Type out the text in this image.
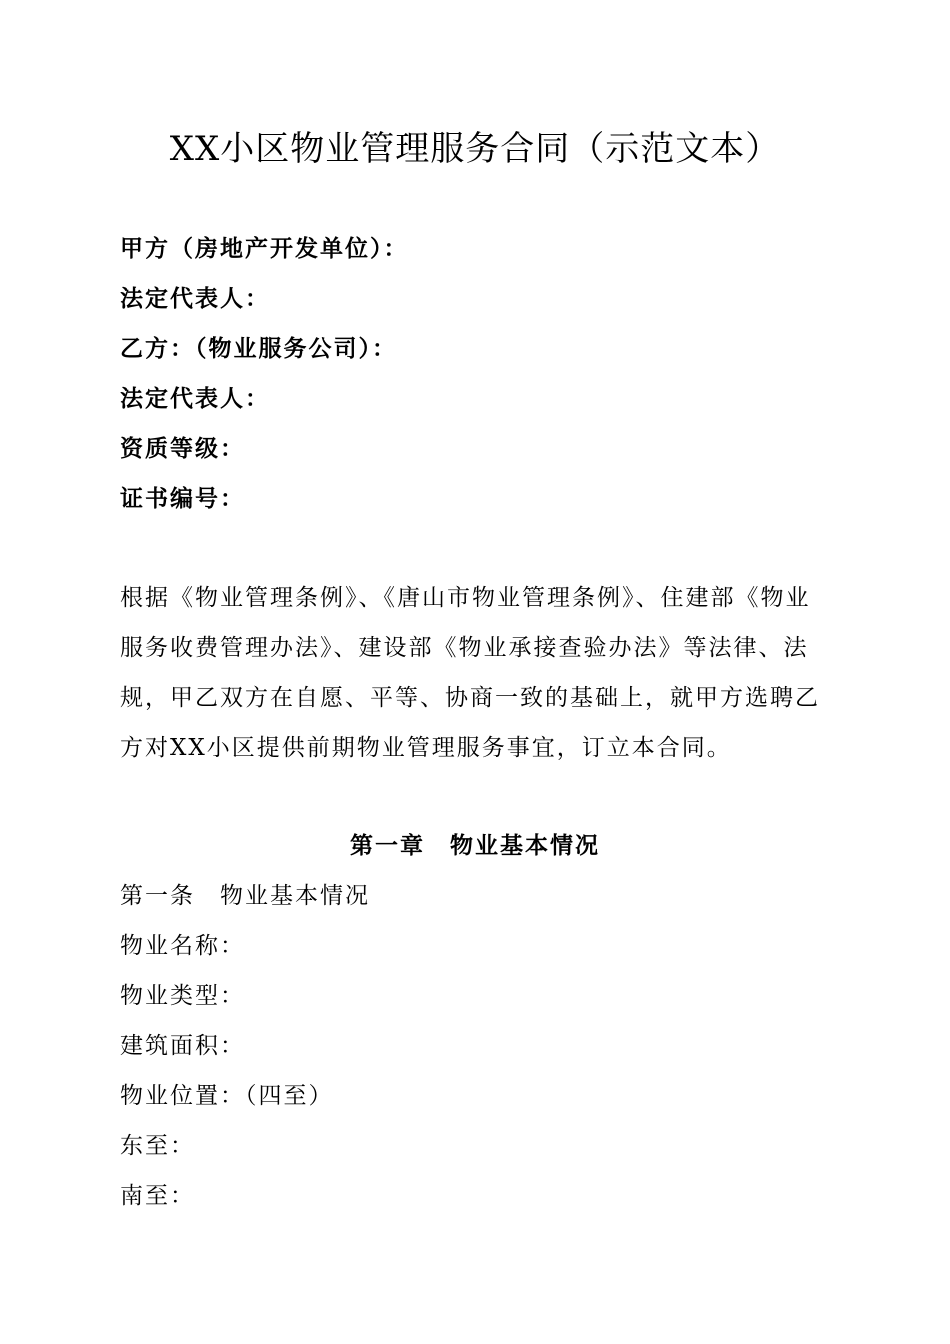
XX小区物业管理服务合同（示范文本）
甲方（房地产开发单位）：
法定代表人：
乙方：（物业服务公司）：
法定代表人：
资质等级：
证书编号：

根据《物业管理条例》、《唐山市物业管理条例》、住建部《物业服务收费管理办法》、建设部《物业承接查验办法》等法律、法规，甲乙双方在自愿、平等、协商一致的基础上，就甲方选聘乙方对XX小区提供前期物业管理服务事宜，订立本合同。

第一章　物业基本情况
第一条　物业基本情况
物业名称：
物业类型：
建筑面积：
物业位置：（四至）
东至：
南至：
